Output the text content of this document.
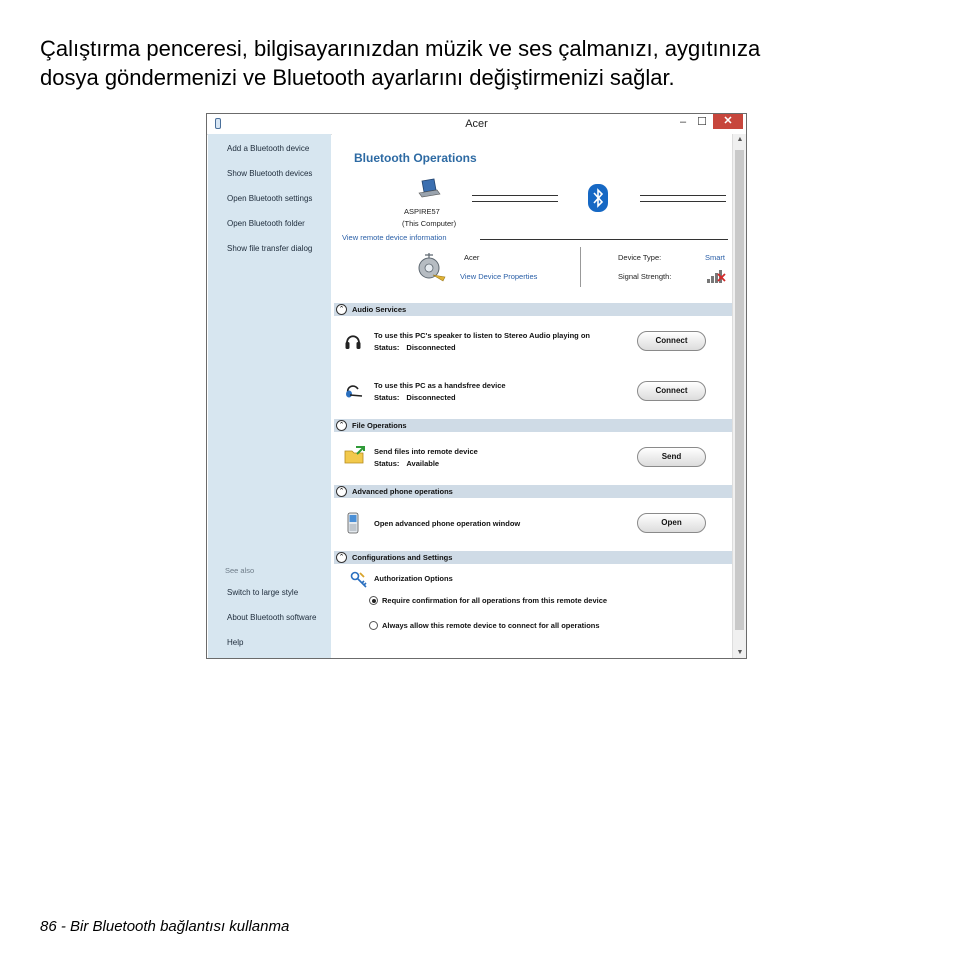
Çalıştırma penceresi, bilgisayarınızdan müzik ve ses çalmanızı, aygıtınıza
dosya göndermenizi ve Bluetooth ayarlarını değiştirmenizi sağlar.
Acer	–	☐	✕
Add a Bluetooth device
Show Bluetooth devices
Open Bluetooth settings
Open Bluetooth folder
Show file transfer dialog
See also
Switch to large style
About Bluetooth software
Help
Bluetooth Operations
ASPIRE57
(This Computer)
View remote device information
Acer
View Device Properties
Device Type:	Smart
Signal Strength:
⌃	Audio Services
To use this PC's speaker to listen to Stereo Audio playing on
Status: Disconnected
Connect
To use this PC as a handsfree device
Status: Disconnected
Connect
⌃	File Operations
Send files into remote device
Status: Available
Send
⌃	Advanced phone operations
Open advanced phone operation window	Open
⌃	Configurations and Settings
Authorization Options
Require confirmation for all operations from this remote device
Always allow this remote device to connect for all operations
▲
▼
86 - Bir Bluetooth bağlantısı kullanma
